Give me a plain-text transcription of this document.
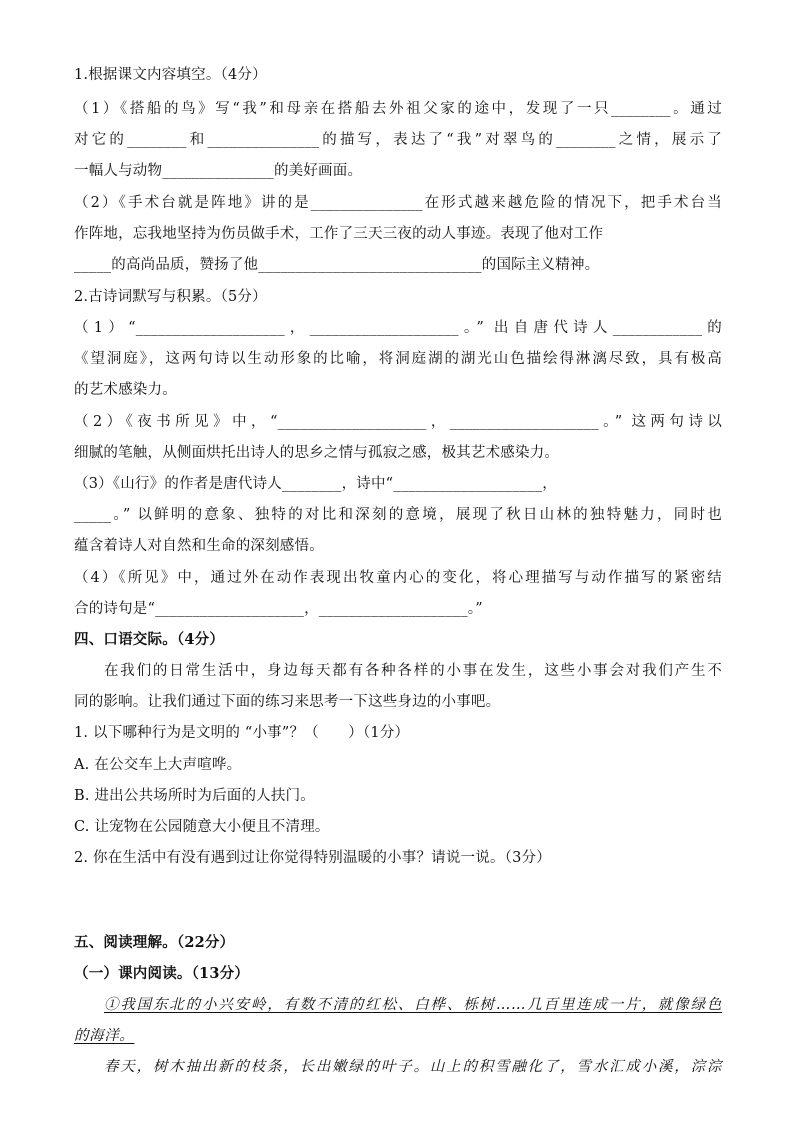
1.根据课文内容填空。（4分）
（1）《搭船的鸟》写“我”和母亲在搭船去外祖父家的途中，发现了一只________。通过
对它的________和_______________的描写，表达了“我”对翠鸟的________之情，展示了
一幅人与动物_______________的美好画面。
（2）《手术台就是阵地》讲的是_______________在形式越来越危险的情况下，把手术台当
作阵地，忘我地坚持为伤员做手术，工作了三天三夜的动人事迹。表现了他对工作
_____的高尚品质，赞扬了他______________________________的国际主义精神。
2.古诗词默写与积累。（5分）
（1）“____________________，____________________。” 出自唐代诗人____________的
《望洞庭》，这两句诗以生动形象的比喻，将洞庭湖的湖光山色描绘得淋漓尽致，具有极高
的艺术感染力。
（2）《夜书所见》中，“____________________，____________________。” 这两句诗以
细腻的笔触，从侧面烘托出诗人的思乡之情与孤寂之感，极其艺术感染力。
（3）《山行》的作者是唐代诗人________，诗中“____________________，
_____。” 以鲜明的意象、独特的对比和深刻的意境，展现了秋日山林的独特魅力，同时也
蕴含着诗人对自然和生命的深刻感悟。
（4）《所见》中，通过外在动作表现出牧童内心的变化，将心理描写与动作描写的紧密结
合的诗句是“____________________，____________________。”
四、口语交际。（4分）
在我们的日常生活中，身边每天都有各种各样的小事在发生，这些小事会对我们产生不
同的影响。让我们通过下面的练习来思考一下这些身边的小事吧。
1. 以下哪种行为是文明的 “小事”？（　　）（1分）
A. 在公交车上大声喧哗。
B. 进出公共场所时为后面的人扶门。
C. 让宠物在公园随意大小便且不清理。
2. 你在生活中有没有遇到过让你觉得特别温暖的小事？请说一说。（3分）
五、阅读理解。（22分）
（一）课内阅读。（13分）
①我国东北的小兴安岭，有数不清的红松、白桦、栎树……几百里连成一片，就像绿色
的海洋。
春天，树木抽出新的枝条，长出嫩绿的叶子。山上的积雪融化了，雪水汇成小溪，淙淙
